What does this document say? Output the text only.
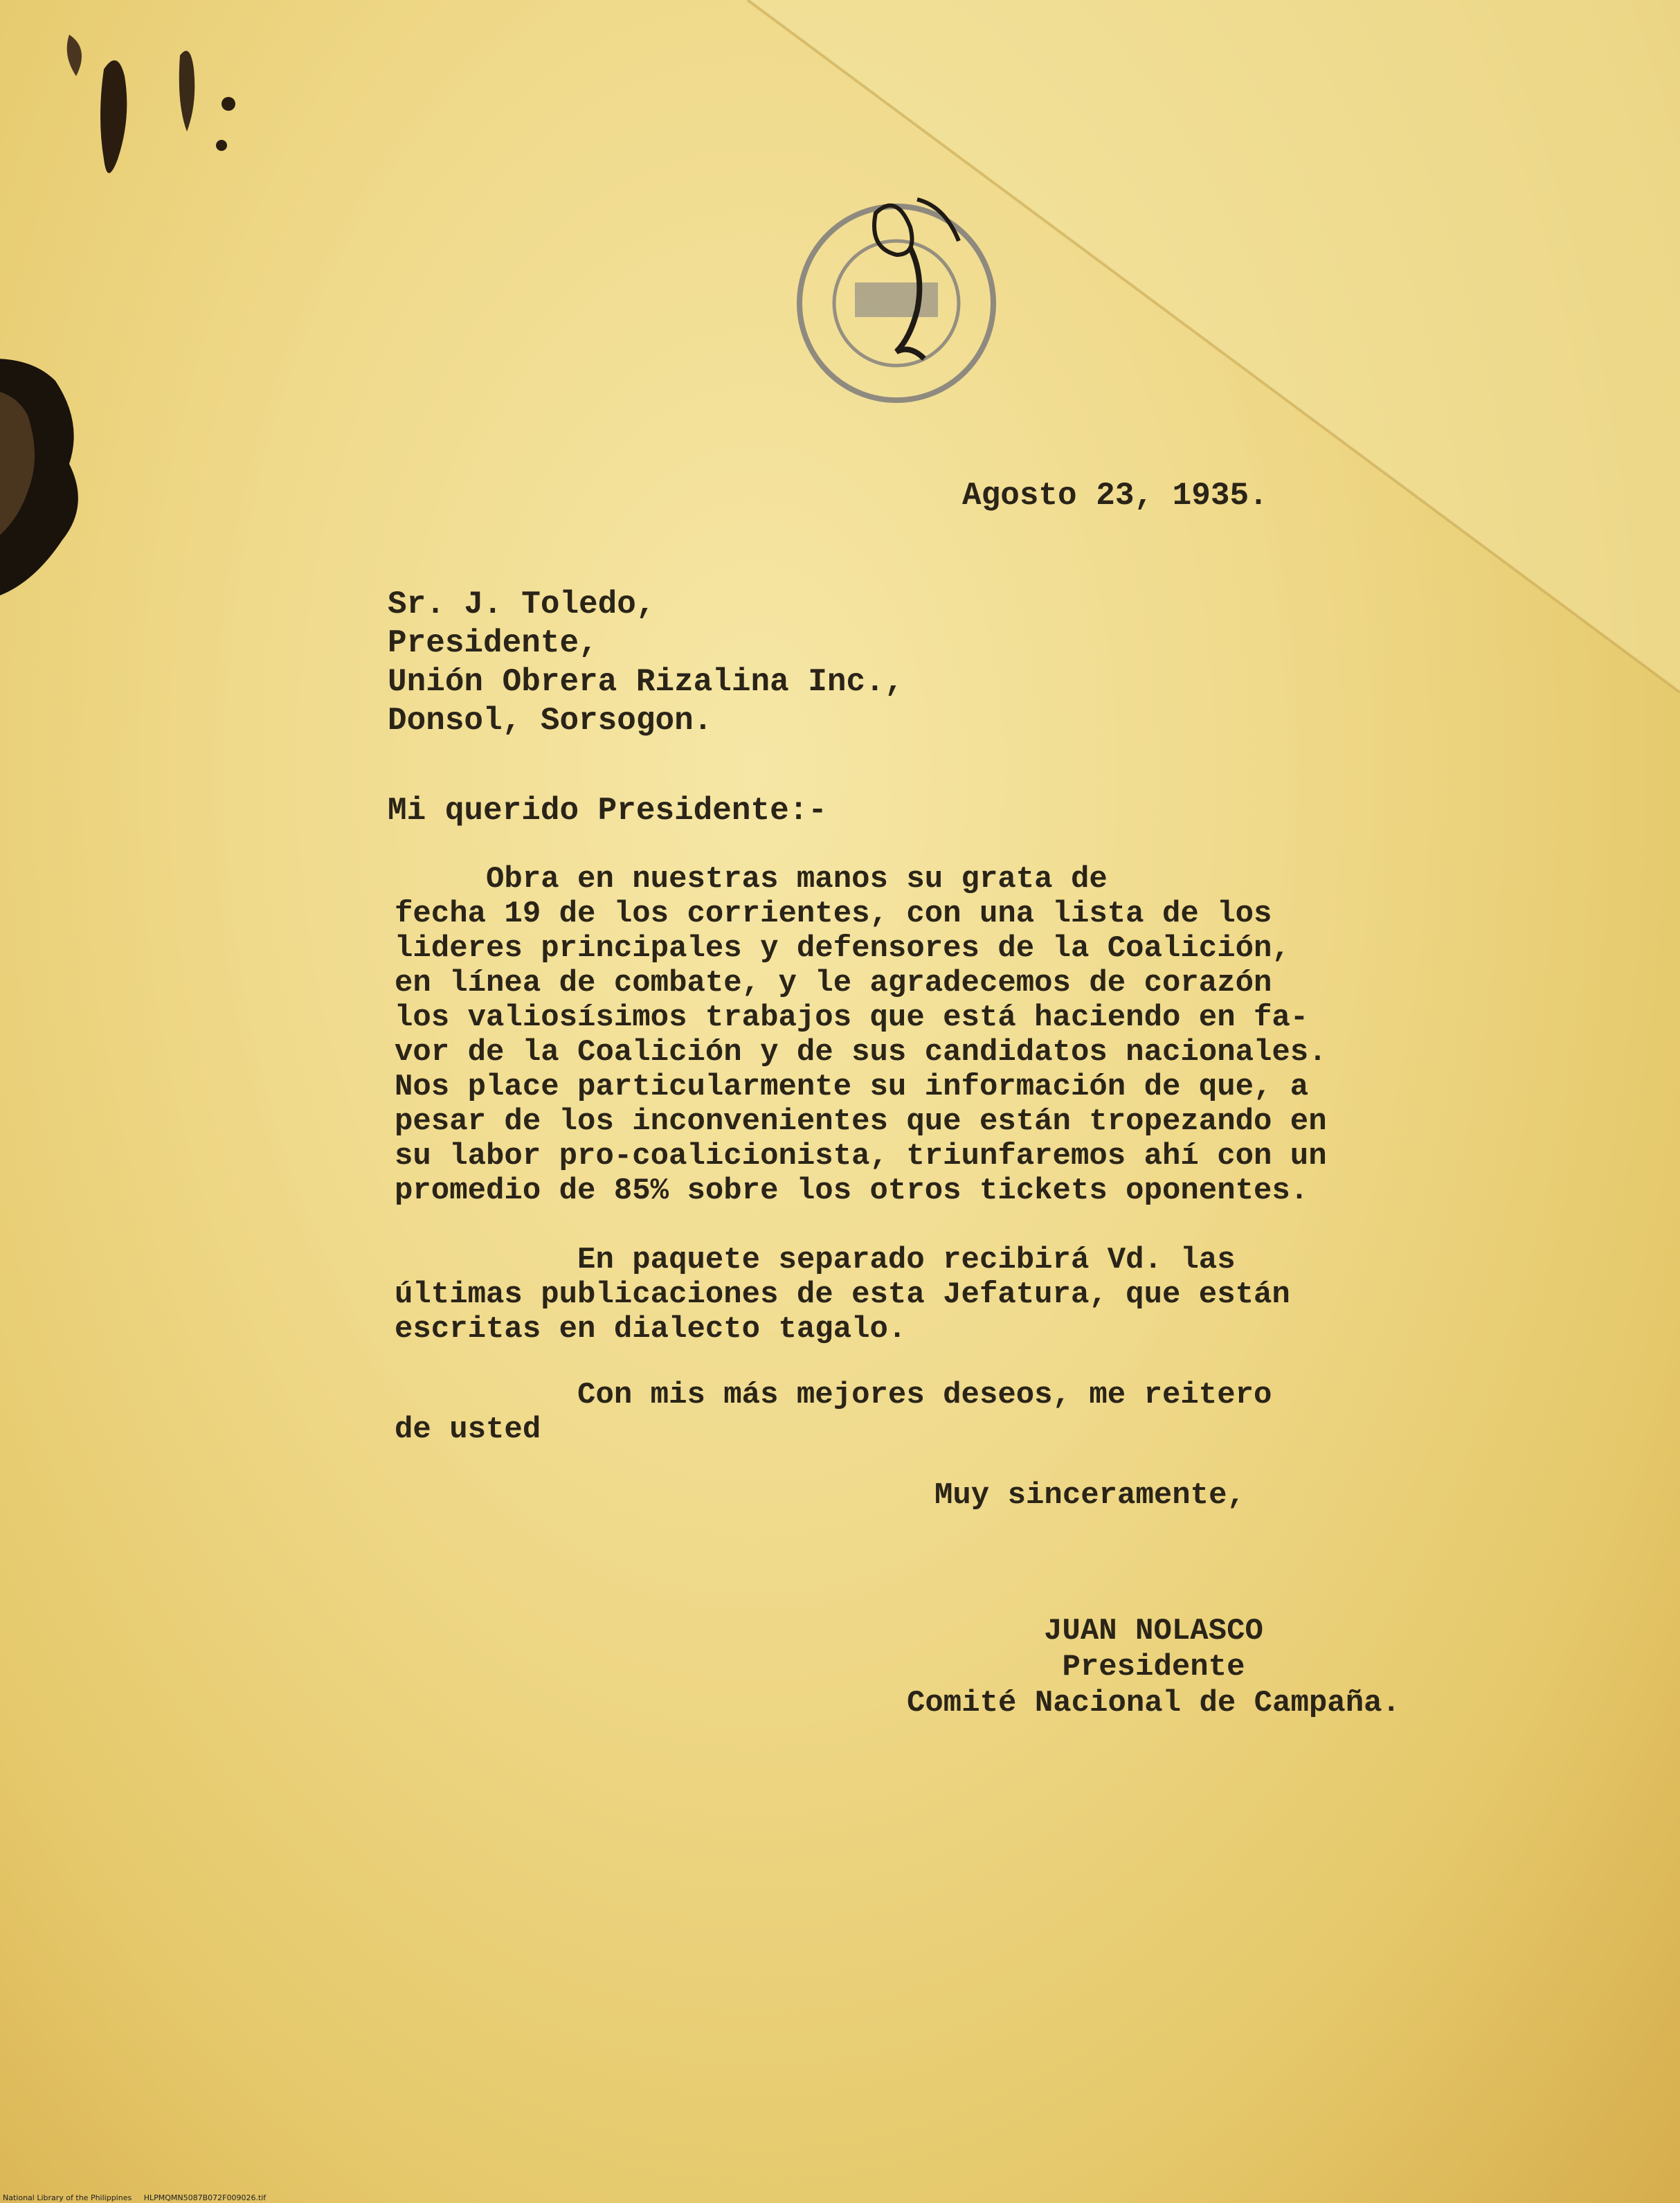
Agosto 23, 1935.
Sr. J. Toledo,
Presidente,
Unión Obrera Rizalina Inc.,
Donsol, Sorsogon.
Mi querido Presidente:-
Obra en nuestras manos su grata de
fecha 19 de los corrientes, con una lista de los
lideres principales y defensores de la Coalición,
en línea de combate, y le agradecemos de corazón
los valiosísimos trabajos que está haciendo en fa-
vor de la Coalición y de sus candidatos nacionales.
Nos place particularmente su información de que, a
pesar de los inconvenientes que están tropezando en
su labor pro-coalicionista, triunfaremos ahí con un
promedio de 85% sobre los otros tickets oponentes.
En paquete separado recibirá Vd. las
últimas publicaciones de esta Jefatura, que están
escritas en dialecto tagalo.
Con mis más mejores deseos, me reitero
de usted
Muy sinceramente,
JUAN NOLASCO
Presidente
Comité Nacional de Campaña.
National Library of the Philippines     HLPMQMN5087B072F009026.tif
